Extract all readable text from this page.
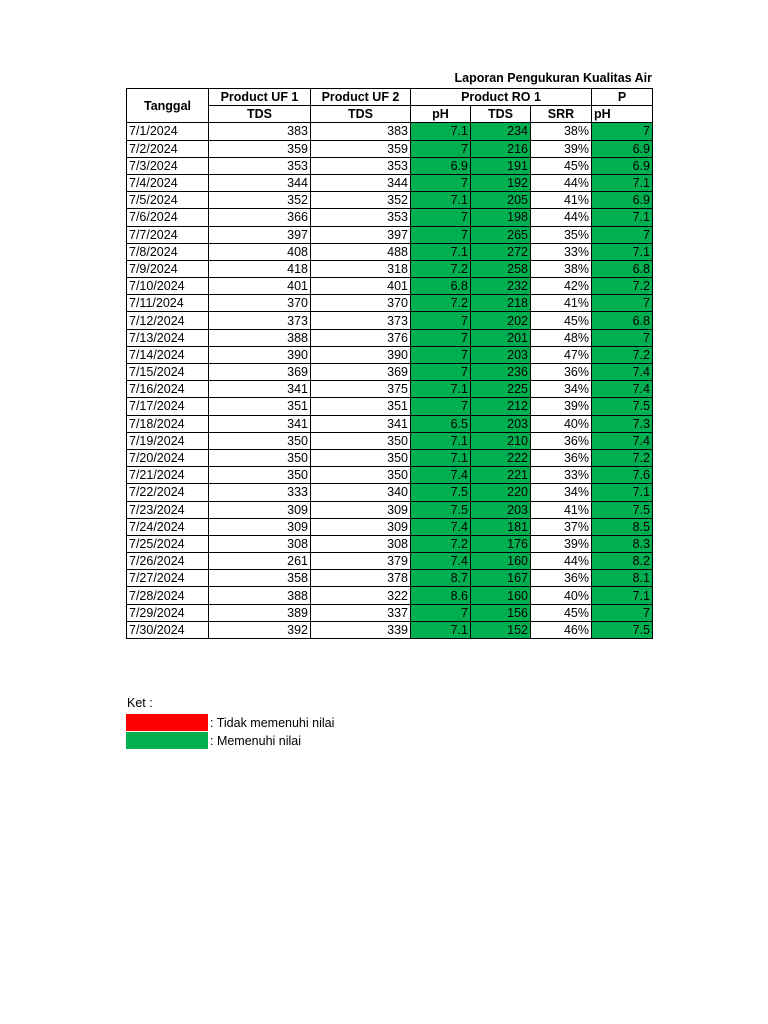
Laporan Pengukuran Kualitas Air
Tanggal	Product UF 1	Product UF 2	Product RO 1			P
	TDS	TDS	pH	TDS	SRR	pH
7/1/2024	383	383	7.1	234	38%	7
7/2/2024	359	359	7	216	39%	6.9
7/3/2024	353	353	6.9	191	45%	6.9
7/4/2024	344	344	7	192	44%	7.1
7/5/2024	352	352	7.1	205	41%	6.9
7/6/2024	366	353	7	198	44%	7.1
7/7/2024	397	397	7	265	35%	7
7/8/2024	408	488	7.1	272	33%	7.1
7/9/2024	418	318	7.2	258	38%	6.8
7/10/2024	401	401	6.8	232	42%	7.2
7/11/2024	370	370	7.2	218	41%	7
7/12/2024	373	373	7	202	45%	6.8
7/13/2024	388	376	7	201	48%	7
7/14/2024	390	390	7	203	47%	7.2
7/15/2024	369	369	7	236	36%	7.4
7/16/2024	341	375	7.1	225	34%	7.4
7/17/2024	351	351	7	212	39%	7.5
7/18/2024	341	341	6.5	203	40%	7.3
7/19/2024	350	350	7.1	210	36%	7.4
7/20/2024	350	350	7.1	222	36%	7.2
7/21/2024	350	350	7.4	221	33%	7.6
7/22/2024	333	340	7.5	220	34%	7.1
7/23/2024	309	309	7.5	203	41%	7.5
7/24/2024	309	309	7.4	181	37%	8.5
7/25/2024	308	308	7.2	176	39%	8.3
7/26/2024	261	379	7.4	160	44%	8.2
7/27/2024	358	378	8.7	167	36%	8.1
7/28/2024	388	322	8.6	160	40%	7.1
7/29/2024	389	337	7	156	45%	7
7/30/2024	392	339	7.1	152	46%	7.5
Ket :
: Tidak memenuhi nilai
: Memenuhi nilai
